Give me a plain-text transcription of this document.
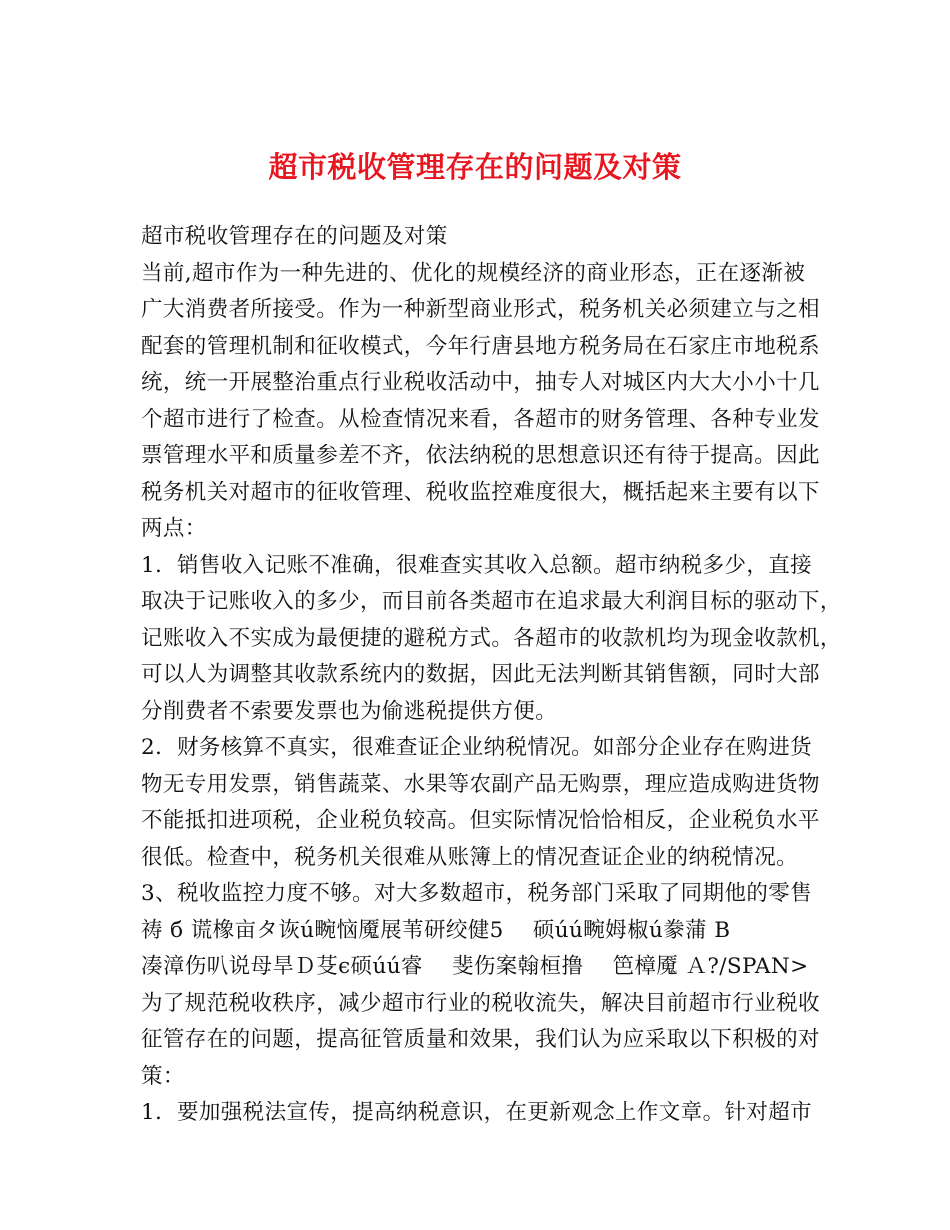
超市税收管理存在的问题及对策

超市税收管理存在的问题及对策

当前,超市作为一种先进的、优化的规模经济的商业形态，正在逐渐被

广大消费者所接受。作为一种新型商业形式，税务机关必须建立与之相

配套的管理机制和征收模式，今年行唐县地方税务局在石家庄市地税系

统，统一开展整治重点行业税收活动中，抽专人对城区内大大小小十几

个超市进行了检查。从检查情况来看，各超市的财务管理、各种专业发

票管理水平和质量参差不齐，依法纳税的思想意识还有待于提高。因此

税务机关对超市的征收管理、税收监控难度很大，概括起来主要有以下

两点：

1．销售收入记账不准确，很难查实其收入总额。超市纳税多少，直接

取决于记账收入的多少，而目前各类超市在追求最大利润目标的驱动下，

记账收入不实成为最便捷的避税方式。各超市的收款机均为现金收款机，

可以人为调整其收款系统内的数据，因此无法判断其销售额，同时大部

分削费者不索要发票也为偷逃税提供方便。

2．财务核算不真实，很难查证企业纳税情况。如部分企业存在购进货

物无专用发票，销售蔬菜、水果等农副产品无购票，理应造成购进货物

不能抵扣进项税，企业税负较高。但实际情况恰恰相反，企业税负水平

很低。检查中，税务机关很难从账簿上的情况查证企业的纳税情况。

3、税收监控力度不够。对大多数超市，税务部门采取了同期他的零售

祷 б 谎橡亩タ诙ú畹恼魇展苇研绞健5　 硕úú畹姆椒ú豢蒲 B

凑漳伤叭说母旱Ｄ芟ϵ硕úú睿　 斐伤案翰桓撸　 笆樟魇 Ａ?/SPAN>

为了规范税收秩序，减少超市行业的税收流失，解决目前超市行业税收

征管存在的问题，提高征管质量和效果，我们认为应采取以下积极的对

策：

1．要加强税法宣传，提高纳税意识，在更新观念上作文章。针对超市
